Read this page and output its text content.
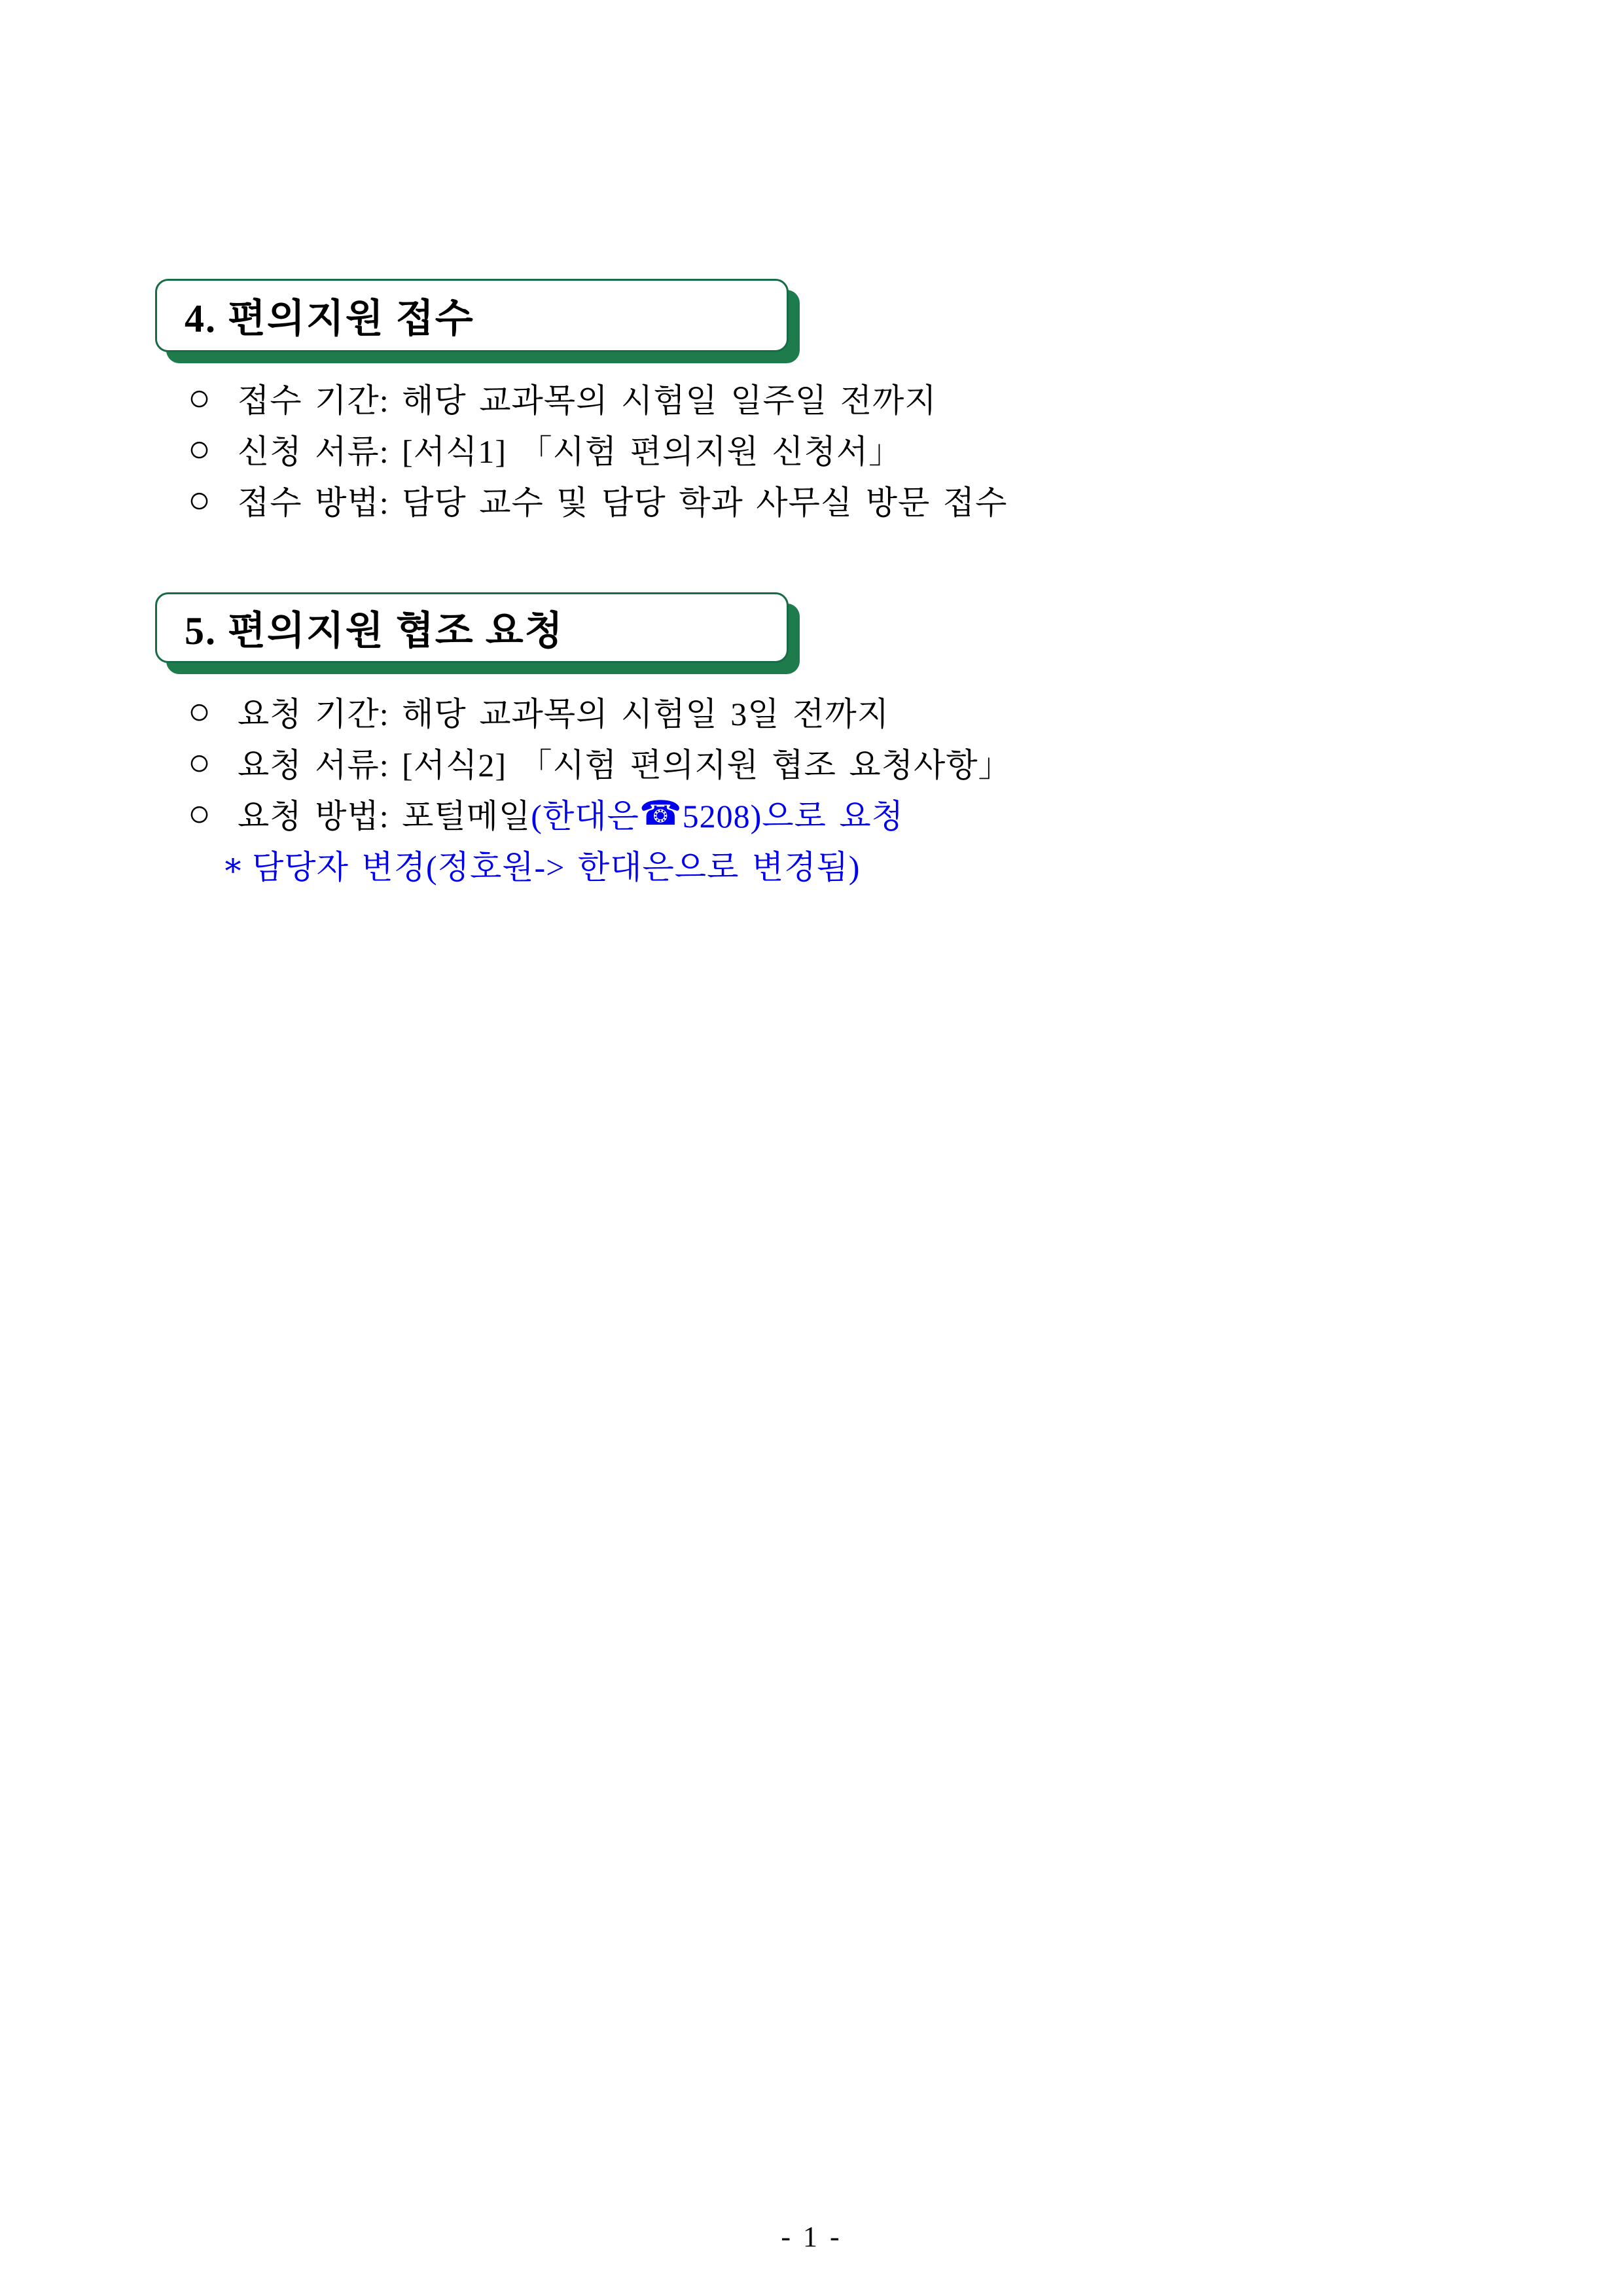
4. 편의지원 접수
○ 접수 기간: 해당 교과목의 시험일 일주일 전까지
○ 신청 서류: [서식1] 「시험 편의지원 신청서」
○ 접수 방법: 담당 교수 및 담당 학과 사무실 방문 접수
5. 편의지원 협조 요청
○ 요청 기간: 해당 교과목의 시험일 3일 전까지
○ 요청 서류: [서식2] 「시험 편의지원 협조 요청사항」
○ 요청 방법: 포털메일 (한대은 ☎ 5208)으로 요청
∗ 담당자 변경(정호원-> 한대은으로 변경됨)
- 1 -
